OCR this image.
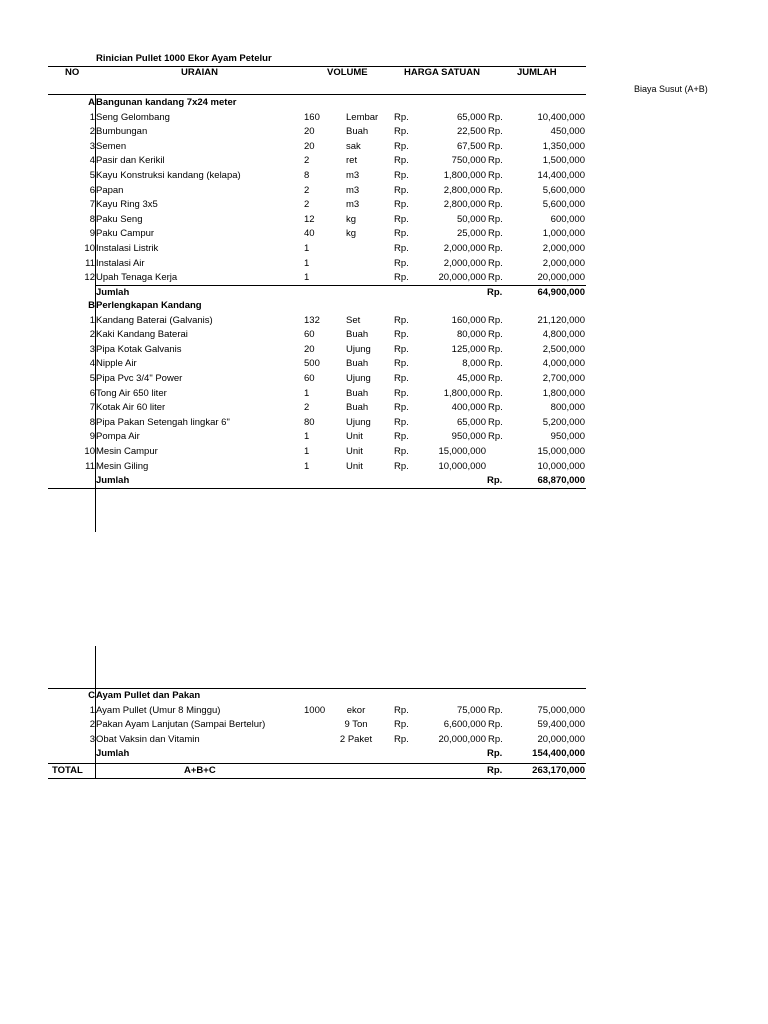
Rinician Pullet 1000 Ekor Ayam Petelur
Biaya Susut (A+B)
NO	URAIAN	VOLUME	HARGA SATUAN	JUMLAH
A Bangunan kandang 7x24 meter
1 Seng Gelombang	160	Lembar Rp.	65,000 Rp.	10,400,000
2 Bumbungan	20	Buah	Rp.	22,500 Rp.	450,000
3 Semen	20	sak	Rp.	67,500 Rp.	1,350,000
4 Pasir dan Kerikil	2	ret	Rp.	750,000 Rp.	1,500,000
5 Kayu Konstruksi kandang (kelapa)	8	m3	Rp.	1,800,000 Rp.	14,400,000
6 Papan	2	m3	Rp.	2,800,000 Rp.	5,600,000
7 Kayu Ring 3x5	2	m3	Rp.	2,800,000 Rp.	5,600,000
8 Paku Seng	12	kg	Rp.	50,000 Rp.	600,000
9 Paku Campur	40	kg	Rp.	25,000 Rp.	1,000,000
10 Instalasi Listrik	1	Rp.	2,000,000 Rp.	2,000,000
11 Instalasi Air	1	Rp.	2,000,000 Rp.	2,000,000
12 Upah Tenaga Kerja	1	Rp.	20,000,000 Rp.	20,000,000
Jumlah	Rp.	64,900,000
B Perlengkapan Kandang
1 Kandang Baterai (Galvanis)	132	Set	Rp.	160,000 Rp.	21,120,000
2 Kaki Kandang Baterai	60	Buah	Rp.	80,000 Rp.	4,800,000
3 Pipa Kotak Galvanis	20	Ujung Rp.	125,000 Rp.	2,500,000
4 Nipple Air	500	Buah	Rp.	8,000 Rp.	4,000,000
5 Pipa Pvc 3/4" Power	60	Ujung Rp.	45,000 Rp.	2,700,000
6 Tong Air 650 liter	1	Buah	Rp.	1,800,000 Rp.	1,800,000
7 Kotak Air 60 liter	2	Buah	Rp.	400,000 Rp.	800,000
8 Pipa Pakan Setengah lingkar 6"	80	Ujung Rp.	65,000 Rp.	5,200,000
9 Pompa Air	1	Unit	Rp.	950,000 Rp.	950,000
10 Mesin Campur	1	Unit	Rp.	15,000,000	15,000,000
11 Mesin Giling	1	Unit	Rp.	10,000,000	10,000,000
Jumlah	Rp.	68,870,000
C Ayam Pullet dan Pakan
1 Ayam Pullet (Umur 8 Minggu)	1000	ekor	Rp.	75,000 Rp.	75,000,000
2 Pakan Ayam Lanjutan (Sampai Bertelur)	9 Ton	Rp.	6,600,000 Rp.	59,400,000
3 Obat Vaksin dan Vitamin	2 Paket	Rp.	20,000,000 Rp.	20,000,000
Jumlah	Rp.	154,400,000
TOTAL	A+B+C	Rp.	263,170,000
